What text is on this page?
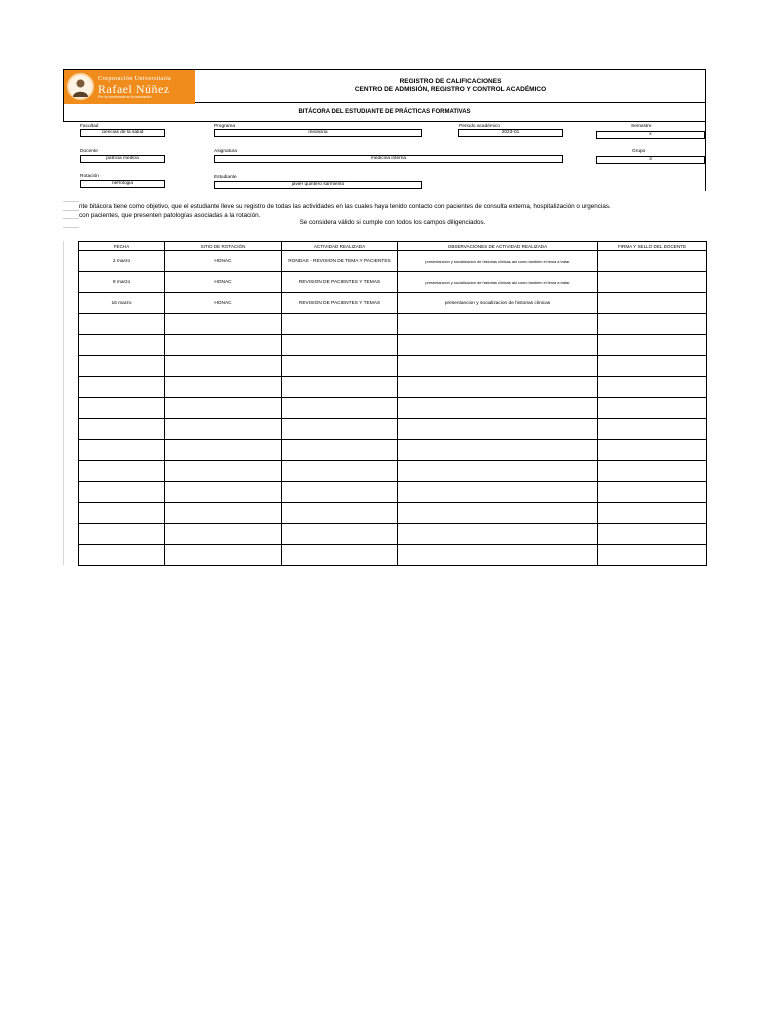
Corporación Universitaria
Rafael Núñez
Por la excelencia en la educación
REGISTRO DE CALIFICACIONES
CENTRO DE ADMISIÓN, REGISTRO Y CONTROL ACADÉMICO
BITÁCORA DEL ESTUDIANTE DE PRÁCTICAS FORMATIVAS
Facultad
ciencias de la salud
Programa
medicina
Periodo académico
2023-01
Semestre
x
Docente
patricia medina
Asignatura
medicina interna
Grupo
3
Rotación
nefrologia
Estudiante
javier quintero sarmiento
nte bitácora tiene como objetivo, que el estudiante lleve su registro de todas las actividades en las cuales haya tenido contacto con pacientes de consulta externa, hospitalización o urgencias.
con pacientes, que presenten patologías asociadas a la rotación.
Se considera válido si cumple con todos los campos diligenciados.
FECHA	SITIO DE ROTACIÓN	ACTIVIDAD REALIZADA	OBSERVACIONES DE ACTIVIDAD REALIZADA	FIRMA Y SELLO DEL DOCENTE
2 marzo	HONAC	RONDAS - REVISION DE TEMA Y PACIENTES	presentancion y socializacion de historias clinicas asi como tambien el tema a tratar	
9 marzo	HONAC	REVISION DE PACIENTES Y TEMAS	presentancion y socializacion de historias clinicas asi como tambien el tema a tratar	
16 marzo	HONAC	REVISION DE PACIENTES Y TEMAS	presentancion y socializacion de historias clinicas	
